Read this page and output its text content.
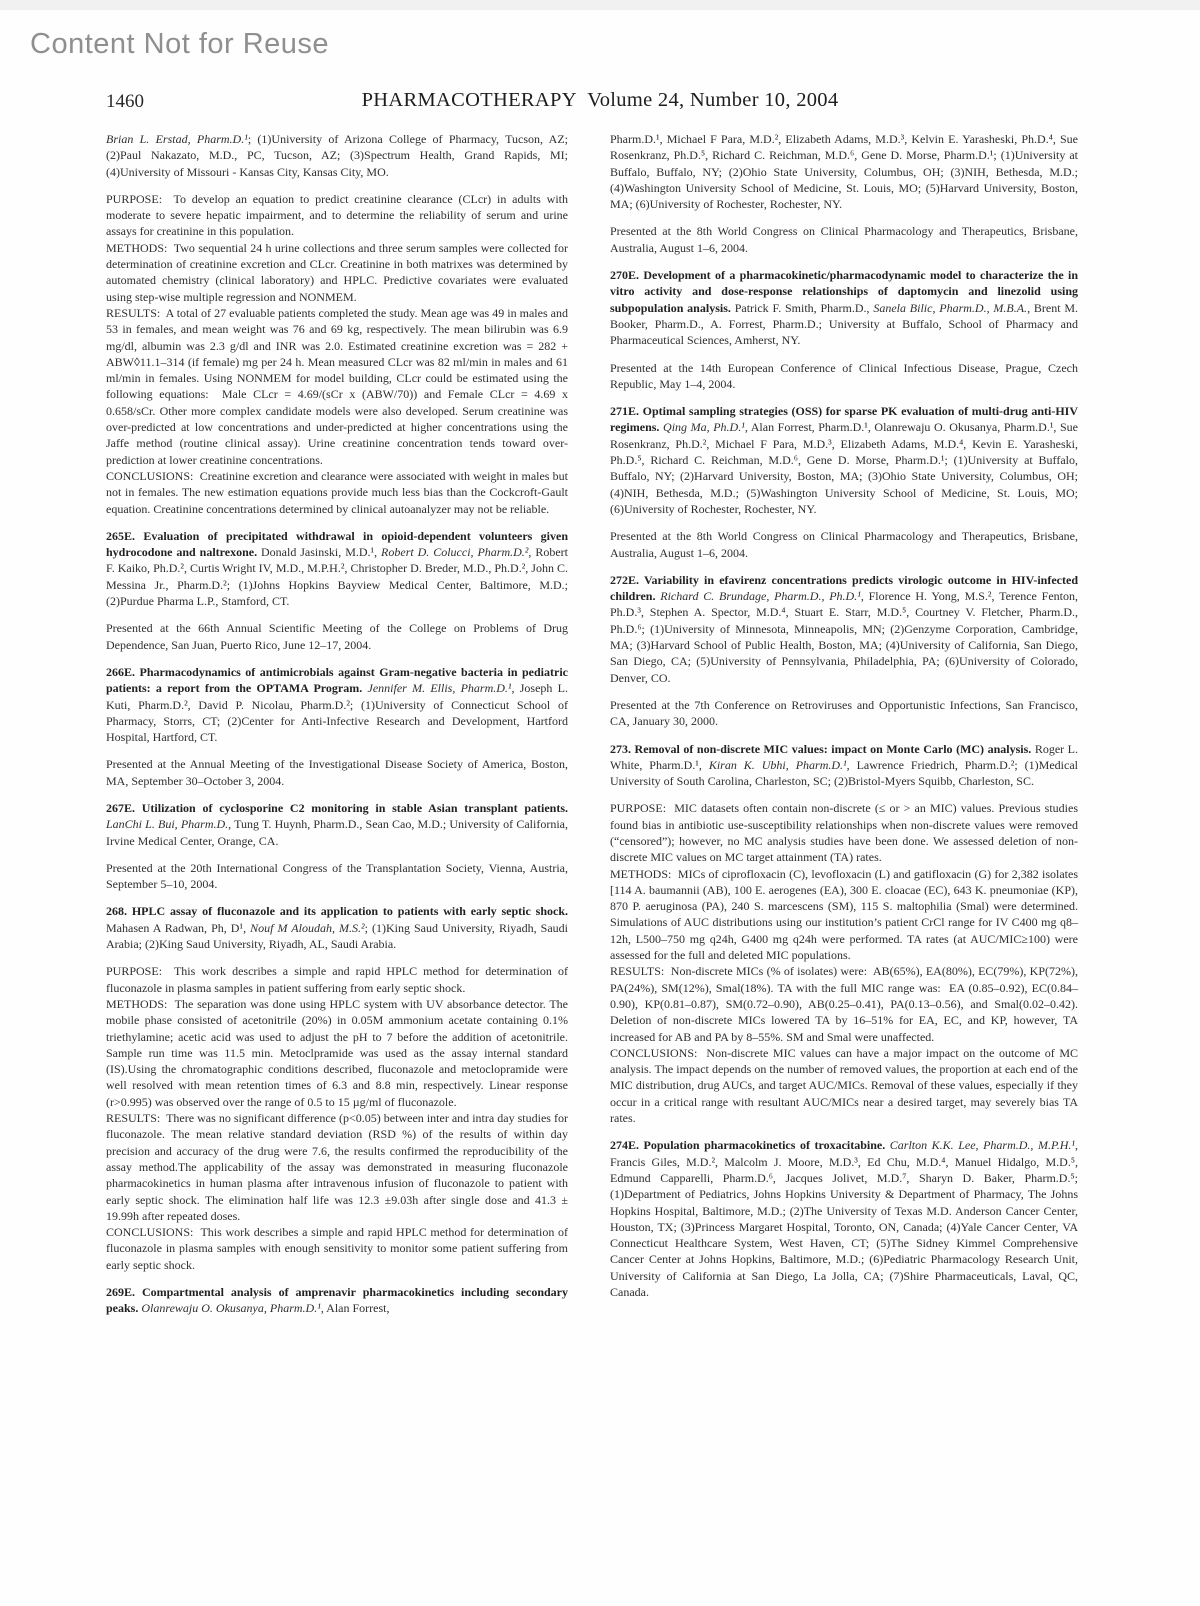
Content Not for Reuse
1460	PHARMACOTHERAPY  Volume 24, Number 10, 2004

Brian L. Erstad, Pharm.D.¹; (1)University of Arizona College of Pharmacy, Tucson, AZ; (2)Paul Nakazato, M.D., PC, Tucson, AZ; (3)Spectrum Health, Grand Rapids, MI; (4)University of Missouri - Kansas City, Kansas City, MO.

PURPOSE:  To develop an equation to predict creatinine clearance (CLcr) in adults with moderate to severe hepatic impairment, and to determine the reliability of serum and urine assays for creatinine in this population.

METHODS:  Two sequential 24 h urine collections and three serum samples were collected for determination of creatinine excretion and CLcr. Creatinine in both matrixes was determined by automated chemistry (clinical laboratory) and HPLC. Predictive covariates were evaluated using step-wise multiple regression and NONMEM.

RESULTS:  A total of 27 evaluable patients completed the study. Mean age was 49 in males and 53 in females, and mean weight was 76 and 69 kg, respectively. The mean bilirubin was 6.9 mg/dl, albumin was 2.3 g/dl and INR was 2.0. Estimated creatinine excretion was = 282 + ABW◊11.1–314 (if female) mg per 24 h. Mean measured CLcr was 82 ml/min in males and 61 ml/min in females. Using NONMEM for model building, CLcr could be estimated using the following equations:  Male CLcr = 4.69/(sCr x (ABW/70)) and Female CLcr = 4.69 x 0.658/sCr. Other more complex candidate models were also developed. Serum creatinine was over-predicted at low concentrations and under-predicted at higher concentrations using the Jaffe method (routine clinical assay). Urine creatinine concentration tends toward over-prediction at lower creatinine concentrations.

CONCLUSIONS:  Creatinine excretion and clearance were associated with weight in males but not in females. The new estimation equations provide much less bias than the Cockcroft-Gault equation. Creatinine concentrations determined by clinical autoanalyzer may not be reliable.

265E. Evaluation of precipitated withdrawal in opioid-dependent volunteers given hydrocodone and naltrexone. Donald Jasinski, M.D.¹, Robert D. Colucci, Pharm.D.², Robert F. Kaiko, Ph.D.², Curtis Wright IV, M.D., M.P.H.², Christopher D. Breder, M.D., Ph.D.², John C. Messina Jr., Pharm.D.²; (1)Johns Hopkins Bayview Medical Center, Baltimore, M.D.; (2)Purdue Pharma L.P., Stamford, CT.

Presented at the 66th Annual Scientific Meeting of the College on Problems of Drug Dependence, San Juan, Puerto Rico, June 12–17, 2004.

266E. Pharmacodynamics of antimicrobials against Gram-negative bacteria in pediatric patients: a report from the OPTAMA Program. Jennifer M. Ellis, Pharm.D.¹, Joseph L. Kuti, Pharm.D.², David P. Nicolau, Pharm.D.²; (1)University of Connecticut School of Pharmacy, Storrs, CT; (2)Center for Anti-Infective Research and Development, Hartford Hospital, Hartford, CT.

Presented at the Annual Meeting of the Investigational Disease Society of America, Boston, MA, September 30–October 3, 2004.

267E. Utilization of cyclosporine C2 monitoring in stable Asian transplant patients. LanChi L. Bui, Pharm.D., Tung T. Huynh, Pharm.D., Sean Cao, M.D.; University of California, Irvine Medical Center, Orange, CA.

Presented at the 20th International Congress of the Transplantation Society, Vienna, Austria, September 5–10, 2004.

268. HPLC assay of fluconazole and its application to patients with early septic shock. Mahasen A Radwan, Ph, D¹, Nouf M Aloudah, M.S.²; (1)King Saud University, Riyadh, Saudi Arabia; (2)King Saud University, Riyadh, AL, Saudi Arabia.

PURPOSE:  This work describes a simple and rapid HPLC method for determination of fluconazole in plasma samples in patient suffering from early septic shock.

METHODS:  The separation was done using HPLC system with UV absorbance detector. The mobile phase consisted of acetonitrile (20%) in 0.05M ammonium acetate containing 0.1% triethylamine; acetic acid was used to adjust the pH to 7 before the addition of acetonitrile. Sample run time was 11.5 min. Metoclpramide was used as the assay internal standard (IS).Using the chromatographic conditions described, fluconazole and metoclopramide were well resolved with mean retention times of 6.3 and 8.8 min, respectively. Linear response (r>0.995) was observed over the range of 0.5 to 15 µg/ml of fluconazole.

RESULTS:  There was no significant difference (p<0.05) between inter and intra day studies for fluconazole. The mean relative standard deviation (RSD %) of the results of within day precision and accuracy of the drug were 7.6, the results confirmed the reproducibility of the assay method.The applicability of the assay was demonstrated in measuring fluconazole pharmacokinetics in human plasma after intravenous infusion of fluconazole to patient with early septic shock. The elimination half life was 12.3 ±9.03h after single dose and 41.3 ± 19.99h after repeated doses.

CONCLUSIONS:  This work describes a simple and rapid HPLC method for determination of fluconazole in plasma samples with enough sensitivity to monitor some patient suffering from early septic shock.

269E. Compartmental analysis of amprenavir pharmacokinetics including secondary peaks. Olanrewaju O. Okusanya, Pharm.D.¹, Alan Forrest,

Pharm.D.¹, Michael F Para, M.D.², Elizabeth Adams, M.D.³, Kelvin E. Yarasheski, Ph.D.⁴, Sue Rosenkranz, Ph.D.⁵, Richard C. Reichman, M.D.⁶, Gene D. Morse, Pharm.D.¹; (1)University at Buffalo, Buffalo, NY; (2)Ohio State University, Columbus, OH; (3)NIH, Bethesda, M.D.; (4)Washington University School of Medicine, St. Louis, MO; (5)Harvard University, Boston, MA; (6)University of Rochester, Rochester, NY.

Presented at the 8th World Congress on Clinical Pharmacology and Therapeutics, Brisbane, Australia, August 1–6, 2004.

270E. Development of a pharmacokinetic/pharmacodynamic model to characterize the in vitro activity and dose-response relationships of daptomycin and linezolid using subpopulation analysis. Patrick F. Smith, Pharm.D., Sanela Bilic, Pharm.D., M.B.A., Brent M. Booker, Pharm.D., A. Forrest, Pharm.D.; University at Buffalo, School of Pharmacy and Pharmaceutical Sciences, Amherst, NY.

Presented at the 14th European Conference of Clinical Infectious Disease, Prague, Czech Republic, May 1–4, 2004.

271E. Optimal sampling strategies (OSS) for sparse PK evaluation of multi-drug anti-HIV regimens. Qing Ma, Ph.D.¹, Alan Forrest, Pharm.D.¹, Olanrewaju O. Okusanya, Pharm.D.¹, Sue Rosenkranz, Ph.D.², Michael F Para, M.D.³, Elizabeth Adams, M.D.⁴, Kevin E. Yarasheski, Ph.D.⁵, Richard C. Reichman, M.D.⁶, Gene D. Morse, Pharm.D.¹; (1)University at Buffalo, Buffalo, NY; (2)Harvard University, Boston, MA; (3)Ohio State University, Columbus, OH; (4)NIH, Bethesda, M.D.; (5)Washington University School of Medicine, St. Louis, MO; (6)University of Rochester, Rochester, NY.

Presented at the 8th World Congress on Clinical Pharmacology and Therapeutics, Brisbane, Australia, August 1–6, 2004.

272E. Variability in efavirenz concentrations predicts virologic outcome in HIV-infected children. Richard C. Brundage, Pharm.D., Ph.D.¹, Florence H. Yong, M.S.², Terence Fenton, Ph.D.³, Stephen A. Spector, M.D.⁴, Stuart E. Starr, M.D.⁵, Courtney V. Fletcher, Pharm.D., Ph.D.⁶; (1)University of Minnesota, Minneapolis, MN; (2)Genzyme Corporation, Cambridge, MA; (3)Harvard School of Public Health, Boston, MA; (4)University of California, San Diego, San Diego, CA; (5)University of Pennsylvania, Philadelphia, PA; (6)University of Colorado, Denver, CO.

Presented at the 7th Conference on Retroviruses and Opportunistic Infections, San Francisco, CA, January 30, 2000.

273. Removal of non-discrete MIC values: impact on Monte Carlo (MC) analysis. Roger L. White, Pharm.D.¹, Kiran K. Ubhi, Pharm.D.¹, Lawrence Friedrich, Pharm.D.²; (1)Medical University of South Carolina, Charleston, SC; (2)Bristol-Myers Squibb, Charleston, SC.

PURPOSE:  MIC datasets often contain non-discrete (≤ or > an MIC) values. Previous studies found bias in antibiotic use-susceptibility relationships when non-discrete values were removed (“censored”); however, no MC analysis studies have been done. We assessed deletion of non-discrete MIC values on MC target attainment (TA) rates.

METHODS:  MICs of ciprofloxacin (C), levofloxacin (L) and gatifloxacin (G) for 2,382 isolates [114 A. baumannii (AB), 100 E. aerogenes (EA), 300 E. cloacae (EC), 643 K. pneumoniae (KP), 870 P. aeruginosa (PA), 240 S. marcescens (SM), 115 S. maltophilia (Smal) were determined. Simulations of AUC distributions using our institution’s patient CrCl range for IV C400 mg q8–12h, L500–750 mg q24h, G400 mg q24h were performed. TA rates (at AUC/MIC≥100) were assessed for the full and deleted MIC populations.

RESULTS:  Non-discrete MICs (% of isolates) were:  AB(65%), EA(80%), EC(79%), KP(72%), PA(24%), SM(12%), Smal(18%). TA with the full MIC range was:  EA (0.85–0.92), EC(0.84–0.90), KP(0.81–0.87), SM(0.72–0.90), AB(0.25–0.41), PA(0.13–0.56), and Smal(0.02–0.42). Deletion of non-discrete MICs lowered TA by 16–51% for EA, EC, and KP, however, TA increased for AB and PA by 8–55%. SM and Smal were unaffected.

CONCLUSIONS:  Non-discrete MIC values can have a major impact on the outcome of MC analysis. The impact depends on the number of removed values, the proportion at each end of the MIC distribution, drug AUCs, and target AUC/MICs. Removal of these values, especially if they occur in a critical range with resultant AUC/MICs near a desired target, may severely bias TA rates.

274E. Population pharmacokinetics of troxacitabine. Carlton K.K. Lee, Pharm.D., M.P.H.¹, Francis Giles, M.D.², Malcolm J. Moore, M.D.³, Ed Chu, M.D.⁴, Manuel Hidalgo, M.D.⁵, Edmund Capparelli, Pharm.D.⁶, Jacques Jolivet, M.D.⁷, Sharyn D. Baker, Pharm.D.⁵; (1)Department of Pediatrics, Johns Hopkins University & Department of Pharmacy, The Johns Hopkins Hospital, Baltimore, M.D.; (2)The University of Texas M.D. Anderson Cancer Center, Houston, TX; (3)Princess Margaret Hospital, Toronto, ON, Canada; (4)Yale Cancer Center, VA Connecticut Healthcare System, West Haven, CT; (5)The Sidney Kimmel Comprehensive Cancer Center at Johns Hopkins, Baltimore, M.D.; (6)Pediatric Pharmacology Research Unit, University of California at San Diego, La Jolla, CA; (7)Shire Pharmaceuticals, Laval, QC, Canada.
